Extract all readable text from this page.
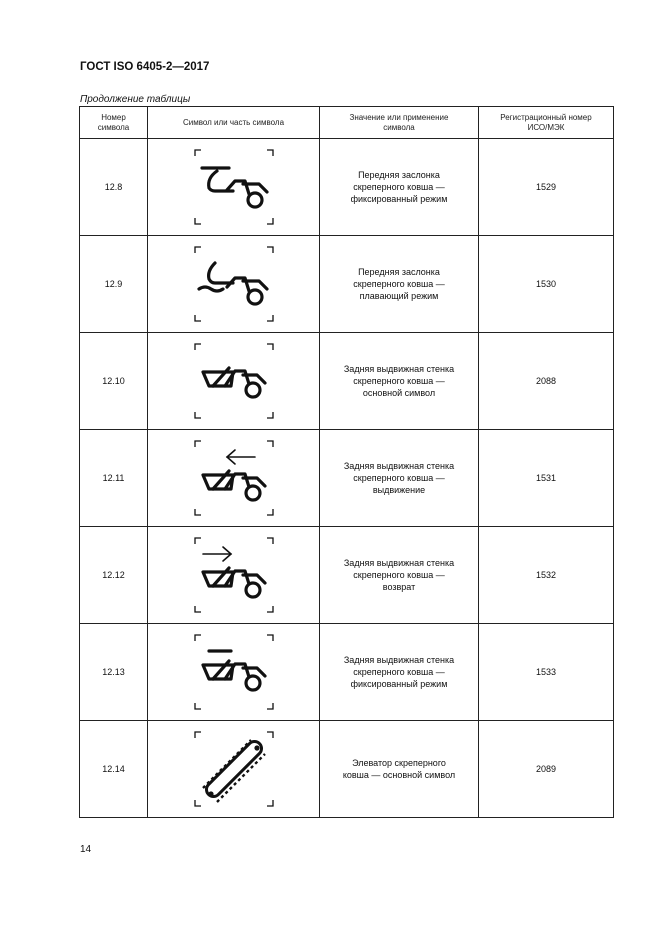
ГОСТ ISO 6405-2—2017
Продолжение таблицы
Номер символа	Символ или часть символа	Значение или применение символа	Регистрационный номер ИСО/МЭК
12.8		Передняя заслонка
скреперного ковша —
фиксированный режим	1529
12.9		Передняя заслонка
скреперного ковша —
плавающий режим	1530
12.10		Задняя выдвижная стенка
скреперного ковша —
основной символ	2088
12.11		Задняя выдвижная стенка
скреперного ковша —
выдвижение	1531
12.12		Задняя выдвижная стенка
скреперного ковша —
возврат	1532
12.13		Задняя выдвижная стенка
скреперного ковша —
фиксированный режим	1533
12.14		Элеватор скреперного
ковша — основной символ	2089
14
